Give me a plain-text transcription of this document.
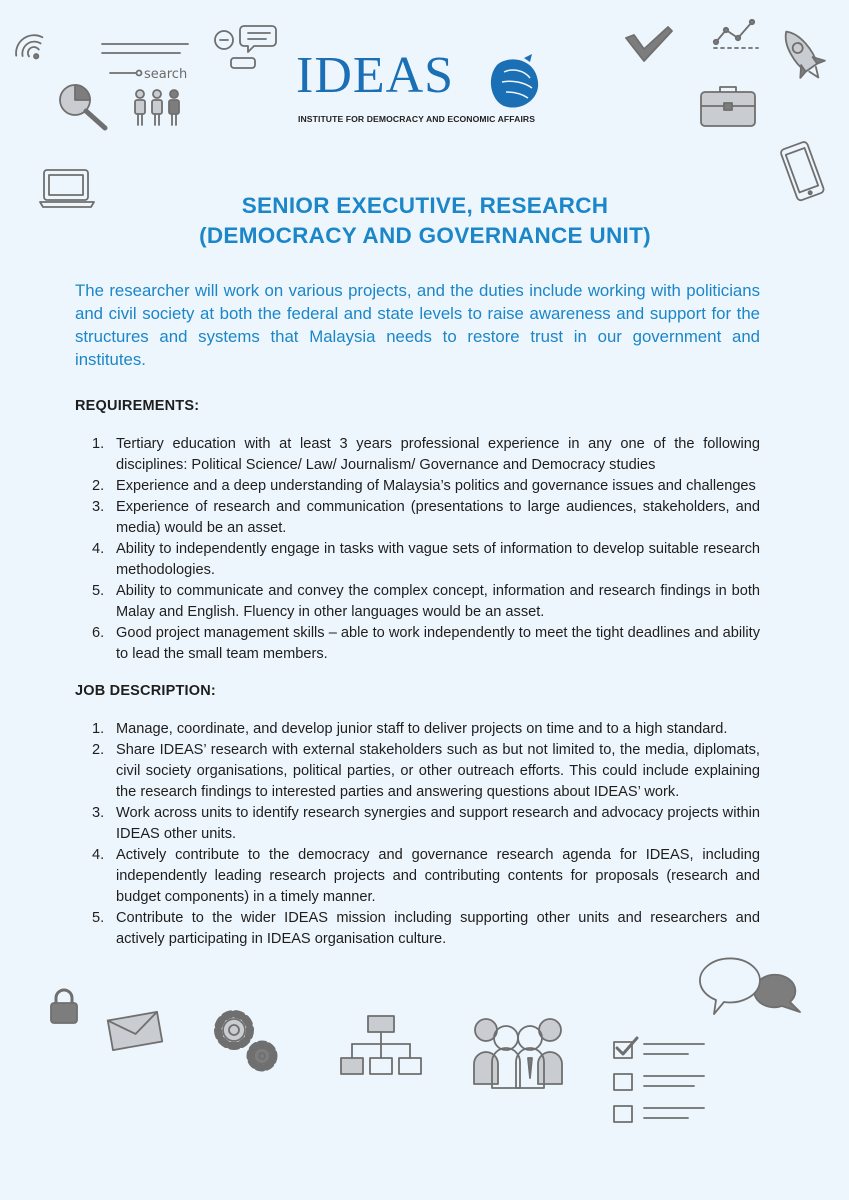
search IDEAS
INSTITUTE FOR DEMOCRACY AND ECONOMIC AFFAIRS
SENIOR EXECUTIVE, RESEARCH
(DEMOCRACY AND GOVERNANCE UNIT)

The researcher will work on various projects, and the duties include working with politicians and civil society at both the federal and state levels to raise awareness and support for the structures and systems that Malaysia needs to restore trust in our government and institutes.

REQUIREMENTS:
1. Tertiary education with at least 3 years professional experience in any one of the following disciplines: Political Science/ Law/ Journalism/ Governance and Democracy studies
2. Experience and a deep understanding of Malaysia’s politics and governance issues and challenges
3. Experience of research and communication (presentations to large audiences, stakeholders, and media) would be an asset.
4. Ability to independently engage in tasks with vague sets of information to develop suitable research methodologies.
5. Ability to communicate and convey the complex concept, information and research findings in both Malay and English. Fluency in other languages would be an asset.
6. Good project management skills – able to work independently to meet the tight deadlines and ability to lead the small team members.
JOB DESCRIPTION:
1. Manage, coordinate, and develop junior staff to deliver projects on time and to a high standard.
2. Share IDEAS’ research with external stakeholders such as but not limited to, the media, diplomats, civil society organisations, political parties, or other outreach efforts. This could include explaining the research findings to interested parties and answering questions about IDEAS’ work.
3. Work across units to identify research synergies and support research and advocacy projects within IDEAS other units.
4. Actively contribute to the democracy and governance research agenda for IDEAS, including independently leading research projects and contributing contents for proposals (research and budget components) in a timely manner.
5. Contribute to the wider IDEAS mission including supporting other units and researchers and actively participating in IDEAS organisation culture.
